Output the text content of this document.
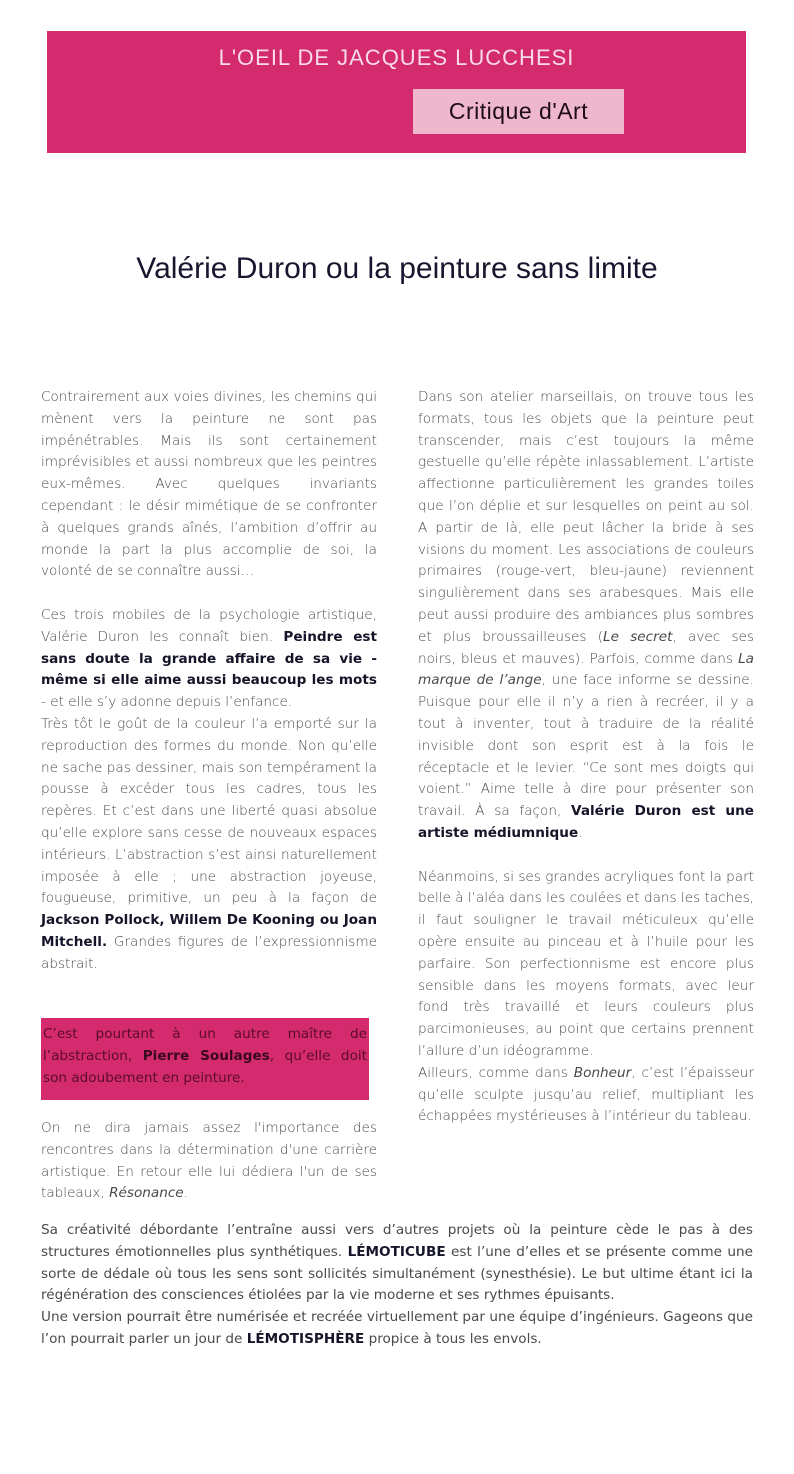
L'OEIL DE JACQUES LUCCHESI
Critique d'Art
Valérie Duron ou la peinture sans limite

Contrairement aux voies divines, les chemins qui mènent vers la peinture ne sont pas impénétrables. Mais ils sont certainement imprévisibles et aussi nombreux que les peintres eux-mêmes. Avec quelques invariants cependant : le désir mimétique de se confronter à quelques grands aînés, l’ambition d’offrir au monde la part la plus accomplie de soi, la volonté de se connaître aussi…

Ces trois mobiles de la psychologie artistique, Valérie Duron les connaît bien. Peindre est sans doute la grande affaire de sa vie - même si elle aime aussi beaucoup les mots - et elle s’y adonne depuis l’enfance.

Très tôt le goût de la couleur l’a emporté sur la reproduction des formes du monde. Non qu’elle ne sache pas dessiner, mais son tempérament la pousse à excéder tous les cadres, tous les repères. Et c’est dans une liberté quasi absolue qu’elle explore sans cesse de nouveaux espaces intérieurs. L’abstraction s’est ainsi naturellement imposée à elle ; une abstraction joyeuse, fougueuse, primitive, un peu à la façon de Jackson Pollock, Willem De Kooning ou Joan Mitchell. Grandes figures de l’expressionnisme abstrait.

C’est pourtant à un autre maître de l’abstraction, Pierre Soulages, qu’elle doit son adoubement en peinture.

On ne dira jamais assez l'importance des rencontres dans la détermination d'une carrière artistique. En retour elle lui dédiera l'un de ses tableaux, Résonance.

Dans son atelier marseillais, on trouve tous les formats, tous les objets que la peinture peut transcender, mais c’est toujours la même gestuelle qu’elle répète inlassablement. L’artiste affectionne particulièrement les grandes toiles que l’on déplie et sur lesquelles on peint au sol. A partir de là, elle peut lâcher la bride à ses visions du moment. Les associations de couleurs primaires (rouge-vert, bleu-jaune) reviennent singulièrement dans ses arabesques. Mais elle peut aussi produire des ambiances plus sombres et plus broussailleuses (Le secret, avec ses noirs, bleus et mauves). Parfois, comme dans La marque de l’ange, une face informe se dessine. Puisque pour elle il n’y a rien à recréer, il y a tout à inventer, tout à traduire de la réalité invisible dont son esprit est à la fois le réceptacle et le levier. “Ce sont mes doigts qui voient.” Aime telle à dire pour présenter son travail. À sa façon, Valérie Duron est une artiste médiumnique.

Néanmoins, si ses grandes acryliques font la part belle à l’aléa dans les coulées et dans les taches, il faut souligner le travail méticuleux qu’elle opère ensuite au pinceau et à l’huile pour les parfaire. Son perfectionnisme est encore plus sensible dans les moyens formats, avec leur fond très travaillé et leurs couleurs plus parcimonieuses, au point que certains prennent l’allure d’un idéogramme.

Ailleurs, comme dans Bonheur, c’est l’épaisseur qu’elle sculpte jusqu’au relief, multipliant les échappées mystérieuses à l’intérieur du tableau.

Sa créativité débordante l’entraîne aussi vers d’autres projets où la peinture cède le pas à des structures émotionnelles plus synthétiques. LÉMOTICUBE est l’une d’elles et se présente comme une sorte de dédale où tous les sens sont sollicités simultanément (synesthésie). Le but ultime étant ici la régénération des consciences étiolées par la vie moderne et ses rythmes épuisants.

Une version pourrait être numérisée et recréée virtuellement par une équipe d’ingénieurs. Gageons que l’on pourrait parler un jour de LÉMOTISPHÈRE propice à tous les envols.
